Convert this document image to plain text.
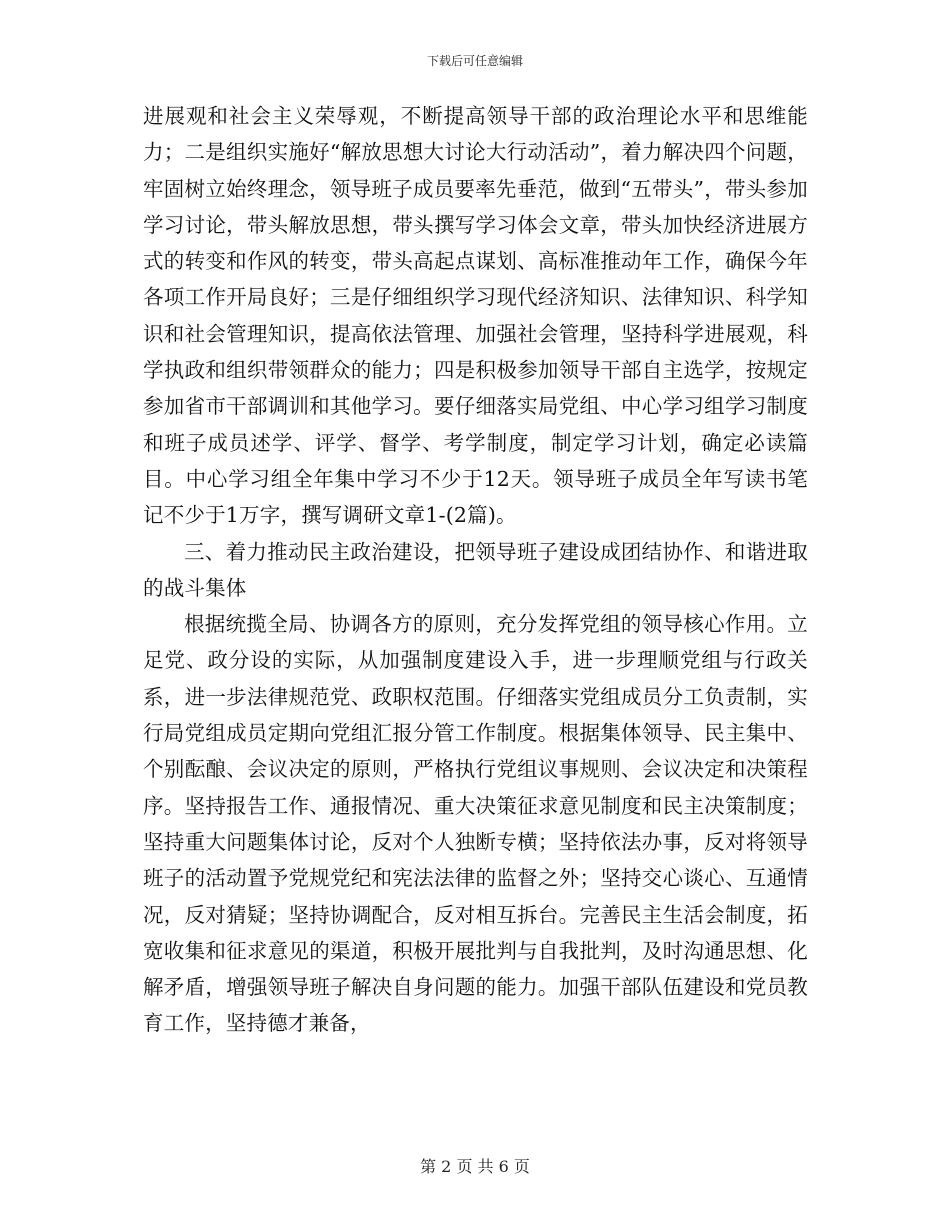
下载后可任意编辑

进展观和社会主义荣辱观，不断提高领导干部的政治理论水平和思维能力；二是组织实施好“解放思想大讨论大行动活动”，着力解决四个问题，牢固树立始终理念，领导班子成员要率先垂范，做到“五带头”，带头参加学习讨论，带头解放思想，带头撰写学习体会文章，带头加快经济进展方式的转变和作风的转变，带头高起点谋划、高标准推动年工作，确保今年各项工作开局良好；三是仔细组织学习现代经济知识、法律知识、科学知识和社会管理知识，提高依法管理、加强社会管理，坚持科学进展观，科学执政和组织带领群众的能力；四是积极参加领导干部自主选学，按规定参加省市干部调训和其他学习。要仔细落实局党组、中心学习组学习制度和班子成员述学、评学、督学、考学制度，制定学习计划，确定必读篇目。中心学习组全年集中学习不少于12天。领导班子成员全年写读书笔记不少于1万字，撰写调研文章1-(2篇)。

三、着力推动民主政治建设，把领导班子建设成团结协作、和谐进取的战斗集体

根据统揽全局、协调各方的原则，充分发挥党组的领导核心作用。立足党、政分设的实际，从加强制度建设入手，进一步理顺党组与行政关系，进一步法律规范党、政职权范围。仔细落实党组成员分工负责制，实行局党组成员定期向党组汇报分管工作制度。根据集体领导、民主集中、个别酝酿、会议决定的原则，严格执行党组议事规则、会议决定和决策程序。坚持报告工作、通报情况、重大决策征求意见制度和民主决策制度；坚持重大问题集体讨论，反对个人独断专横；坚持依法办事，反对将领导班子的活动置予党规党纪和宪法法律的监督之外；坚持交心谈心、互通情况，反对猜疑；坚持协调配合，反对相互拆台。完善民主生活会制度，拓宽收集和征求意见的渠道，积极开展批判与自我批判，及时沟通思想、化解矛盾，增强领导班子解决自身问题的能力。加强干部队伍建设和党员教育工作，坚持德才兼备，

第 2 页 共 6 页
